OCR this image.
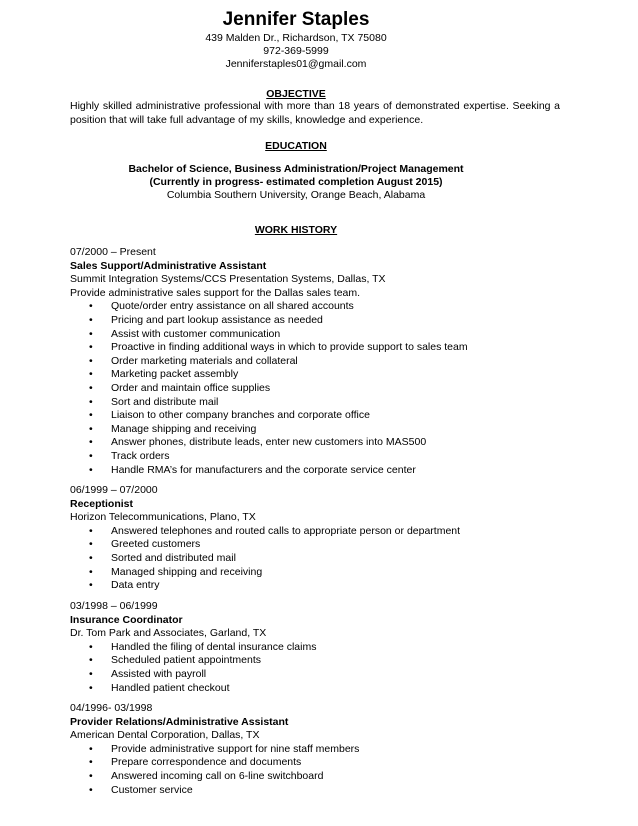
Jennifer Staples
439 Malden Dr., Richardson, TX 75080
972-369-5999
Jenniferstaples01@gmail.com
OBJECTIVE

Highly skilled administrative professional with more than 18 years of demonstrated expertise. Seeking a position that will take full advantage of my skills, knowledge and experience.

EDUCATION
Bachelor of Science, Business Administration/Project Management
(Currently in progress- estimated completion August 2015)
Columbia Southern University, Orange Beach, Alabama
WORK HISTORY
07/2000 – Present
Sales Support/Administrative Assistant
Summit Integration Systems/CCS Presentation Systems, Dallas, TX
Provide administrative sales support for the Dallas sales team.
• Quote/order entry assistance on all shared accounts
• Pricing and part lookup assistance as needed
• Assist with customer communication
• Proactive in finding additional ways in which to provide support to sales team
• Order marketing materials and collateral
• Marketing packet assembly
• Order and maintain office supplies
• Sort and distribute mail
• Liaison to other company branches and corporate office
• Manage shipping and receiving
• Answer phones, distribute leads, enter new customers into MAS500
• Track orders
• Handle RMA’s for manufacturers and the corporate service center
06/1999 – 07/2000
Receptionist
Horizon Telecommunications, Plano, TX
• Answered telephones and routed calls to appropriate person or department
• Greeted customers
• Sorted and distributed mail
• Managed shipping and receiving
• Data entry
03/1998 – 06/1999
Insurance Coordinator
Dr. Tom Park and Associates, Garland, TX
• Handled the filing of dental insurance claims
• Scheduled patient appointments
• Assisted with payroll
• Handled patient checkout
04/1996- 03/1998
Provider Relations/Administrative Assistant
American Dental Corporation, Dallas, TX
• Provide administrative support for nine staff members
• Prepare correspondence and documents
• Answered incoming call on 6-line switchboard
• Customer service
